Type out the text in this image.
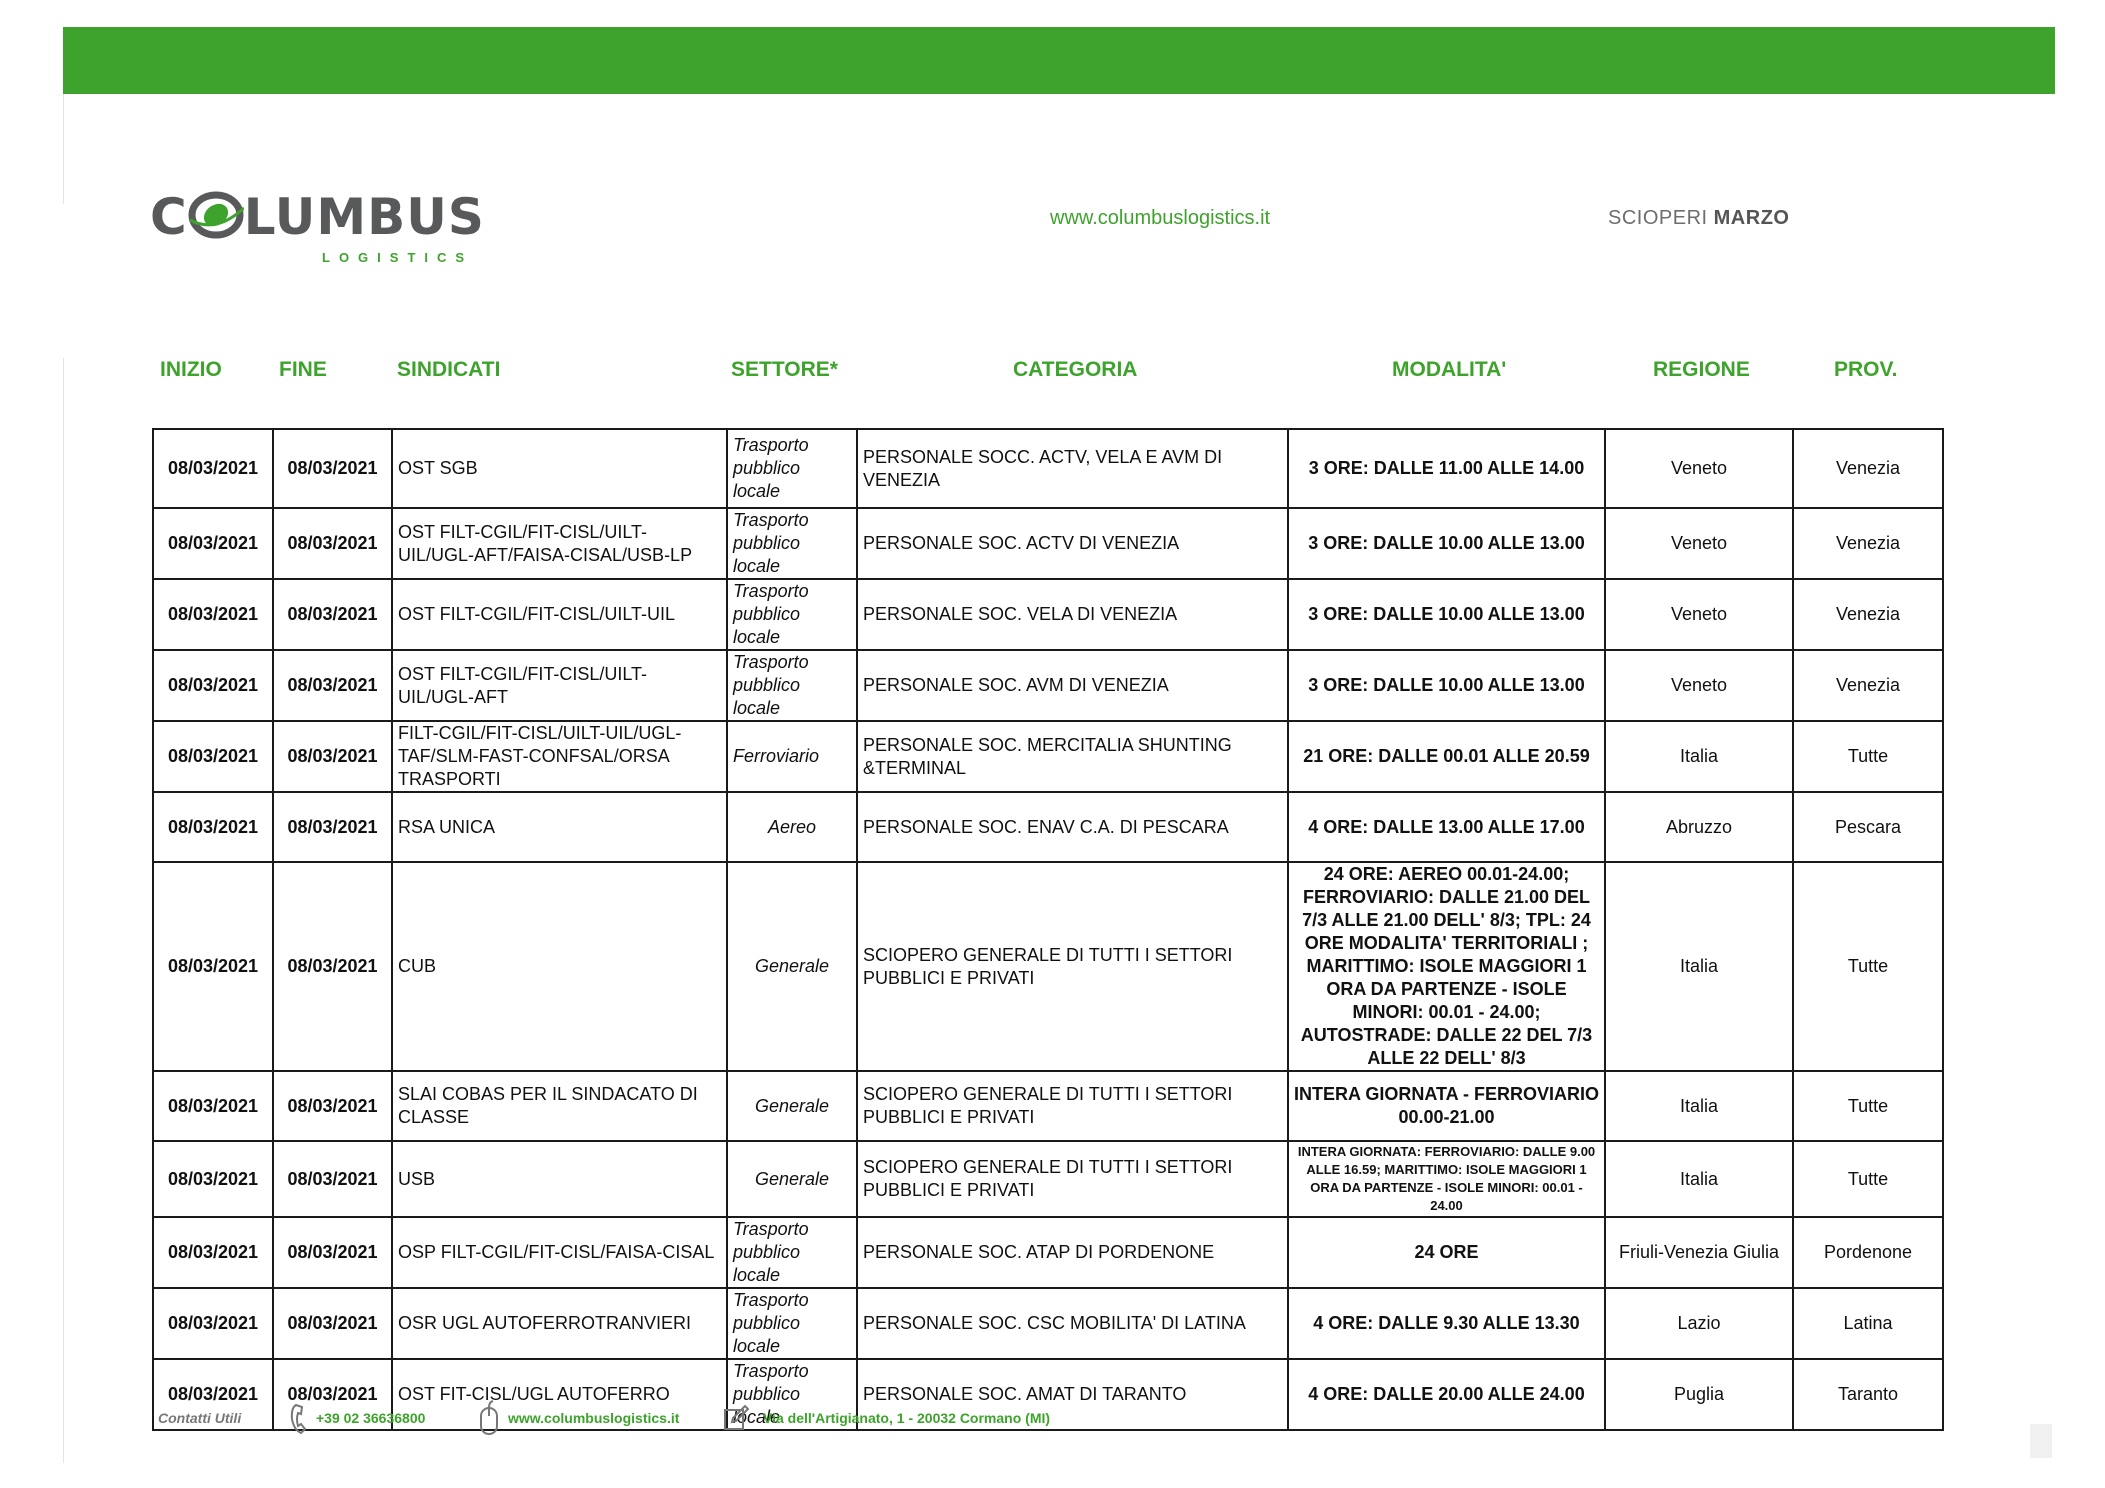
C LUMBUS
LOGISTICS
www.columbuslogistics.it	SCIOPERI MARZO
INIZIO	FINE	SINDICATI	SETTORE*	CATEGORIA	MODALITA'	REGIONE	PROV.
08/03/2021	08/03/2021	OST SGB	Trasporto pubblico locale	PERSONALE SOCC. ACTV, VELA E AVM DI VENEZIA	3 ORE: DALLE 11.00 ALLE 14.00	Veneto	Venezia
08/03/2021	08/03/2021	OST FILT-CGIL/FIT-CISL/UILT-UIL/UGL-AFT/FAISA-CISAL/USB-LP	Trasporto pubblico locale	PERSONALE SOC. ACTV DI VENEZIA	3 ORE: DALLE 10.00 ALLE 13.00	Veneto	Venezia
08/03/2021	08/03/2021	OST FILT-CGIL/FIT-CISL/UILT-UIL	Trasporto pubblico locale	PERSONALE SOC. VELA DI VENEZIA	3 ORE: DALLE 10.00 ALLE 13.00	Veneto	Venezia
08/03/2021	08/03/2021	OST FILT-CGIL/FIT-CISL/UILT-UIL/UGL-AFT	Trasporto pubblico locale	PERSONALE SOC. AVM DI VENEZIA	3 ORE: DALLE 10.00 ALLE 13.00	Veneto	Venezia
08/03/2021	08/03/2021	FILT-CGIL/FIT-CISL/UILT-UIL/UGL-TAF/SLM-FAST-CONFSAL/ORSA TRASPORTI	Ferroviario	PERSONALE SOC. MERCITALIA SHUNTING &TERMINAL	21 ORE: DALLE 00.01 ALLE 20.59	Italia	Tutte
08/03/2021	08/03/2021	RSA UNICA	Aereo	PERSONALE SOC. ENAV C.A. DI PESCARA	4 ORE: DALLE 13.00 ALLE 17.00	Abruzzo	Pescara
08/03/2021	08/03/2021	CUB	Generale	SCIOPERO GENERALE DI TUTTI I SETTORI PUBBLICI E PRIVATI	24 ORE: AEREO 00.01-24.00; FERROVIARIO: DALLE 21.00 DEL 7/3 ALLE 21.00 DELL' 8/3; TPL: 24 ORE MODALITA' TERRITORIALI ; MARITTIMO: ISOLE MAGGIORI 1 ORA DA PARTENZE - ISOLE MINORI: 00.01 - 24.00; AUTOSTRADE: DALLE 22 DEL 7/3 ALLE 22 DELL' 8/3	Italia	Tutte
08/03/2021	08/03/2021	SLAI COBAS PER IL SINDACATO DI CLASSE	Generale	SCIOPERO GENERALE DI TUTTI I SETTORI PUBBLICI E PRIVATI	INTERA GIORNATA - FERROVIARIO 00.00-21.00	Italia	Tutte
08/03/2021	08/03/2021	USB	Generale	SCIOPERO GENERALE DI TUTTI I SETTORI PUBBLICI E PRIVATI	INTERA GIORNATA: FERROVIARIO: DALLE 9.00 ALLE 16.59; MARITTIMO: ISOLE MAGGIORI 1 ORA DA PARTENZE - ISOLE MINORI: 00.01 - 24.00	Italia	Tutte
08/03/2021	08/03/2021	OSP FILT-CGIL/FIT-CISL/FAISA-CISAL	Trasporto pubblico locale	PERSONALE SOC. ATAP DI PORDENONE	24 ORE	Friuli-Venezia Giulia	Pordenone
08/03/2021	08/03/2021	OSR UGL AUTOFERROTRANVIERI	Trasporto pubblico locale	PERSONALE SOC. CSC MOBILITA' DI LATINA	4 ORE: DALLE 9.30 ALLE 13.30	Lazio	Latina
08/03/2021	08/03/2021	OST FIT-CISL/UGL AUTOFERRO	Trasporto pubblico locale	PERSONALE SOC. AMAT DI TARANTO	4 ORE: DALLE 20.00 ALLE 24.00	Puglia	Taranto
Contatti Utili	+39 02 36636800	www.columbuslogistics.it	Via dell'Artigianato, 1 - 20032 Cormano (MI)
